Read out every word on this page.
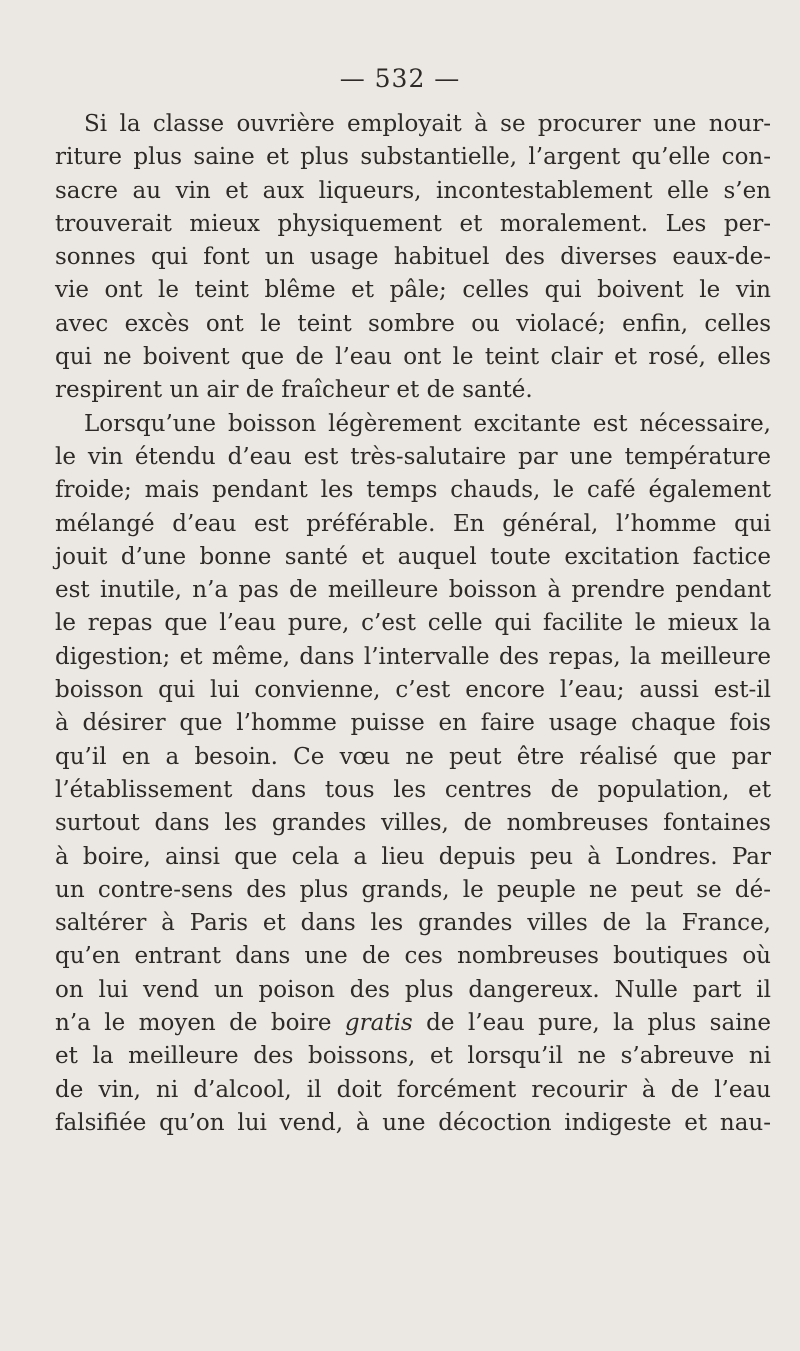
— 532 —
Si la classe ouvrière employait à se procurer une nour-
riture plus saine et plus substantielle, l’argent qu’elle con-
sacre au vin et aux liqueurs, incontestablement elle s’en
trouverait mieux physiquement et moralement. Les per-
sonnes qui font un usage habituel des diverses eaux-de-
vie ont le teint blême et pâle; celles qui boivent le vin
avec excès ont le teint sombre ou violacé; enfin, celles
qui ne boivent que de l’eau ont le teint clair et rosé, elles
respirent un air de fraîcheur et de santé.
Lorsqu’une boisson légèrement excitante est nécessaire,
le vin étendu d’eau est très-salutaire par une température
froide; mais pendant les temps chauds, le café également
mélangé d’eau est préférable. En général, l’homme qui
jouit d’une bonne santé et auquel toute excitation factice
est inutile, n’a pas de meilleure boisson à prendre pendant
le repas que l’eau pure, c’est celle qui facilite le mieux la
digestion; et même, dans l’intervalle des repas, la meilleure
boisson qui lui convienne, c’est encore l’eau; aussi est-il
à désirer que l’homme puisse en faire usage chaque fois
qu’il en a besoin. Ce vœu ne peut être réalisé que par
l’établissement dans tous les centres de population, et
surtout dans les grandes villes, de nombreuses fontaines
à boire, ainsi que cela a lieu depuis peu à Londres. Par
un contre-sens des plus grands, le peuple ne peut se dé-
saltérer à Paris et dans les grandes villes de la France,
qu’en entrant dans une de ces nombreuses boutiques où
on lui vend un poison des plus dangereux. Nulle part il
n’a le moyen de boire gratis de l’eau pure, la plus saine
et la meilleure des boissons, et lorsqu’il ne s’abreuve ni
de vin, ni d’alcool, il doit forcément recourir à de l’eau
falsifiée qu’on lui vend, à une décoction indigeste et nau-
